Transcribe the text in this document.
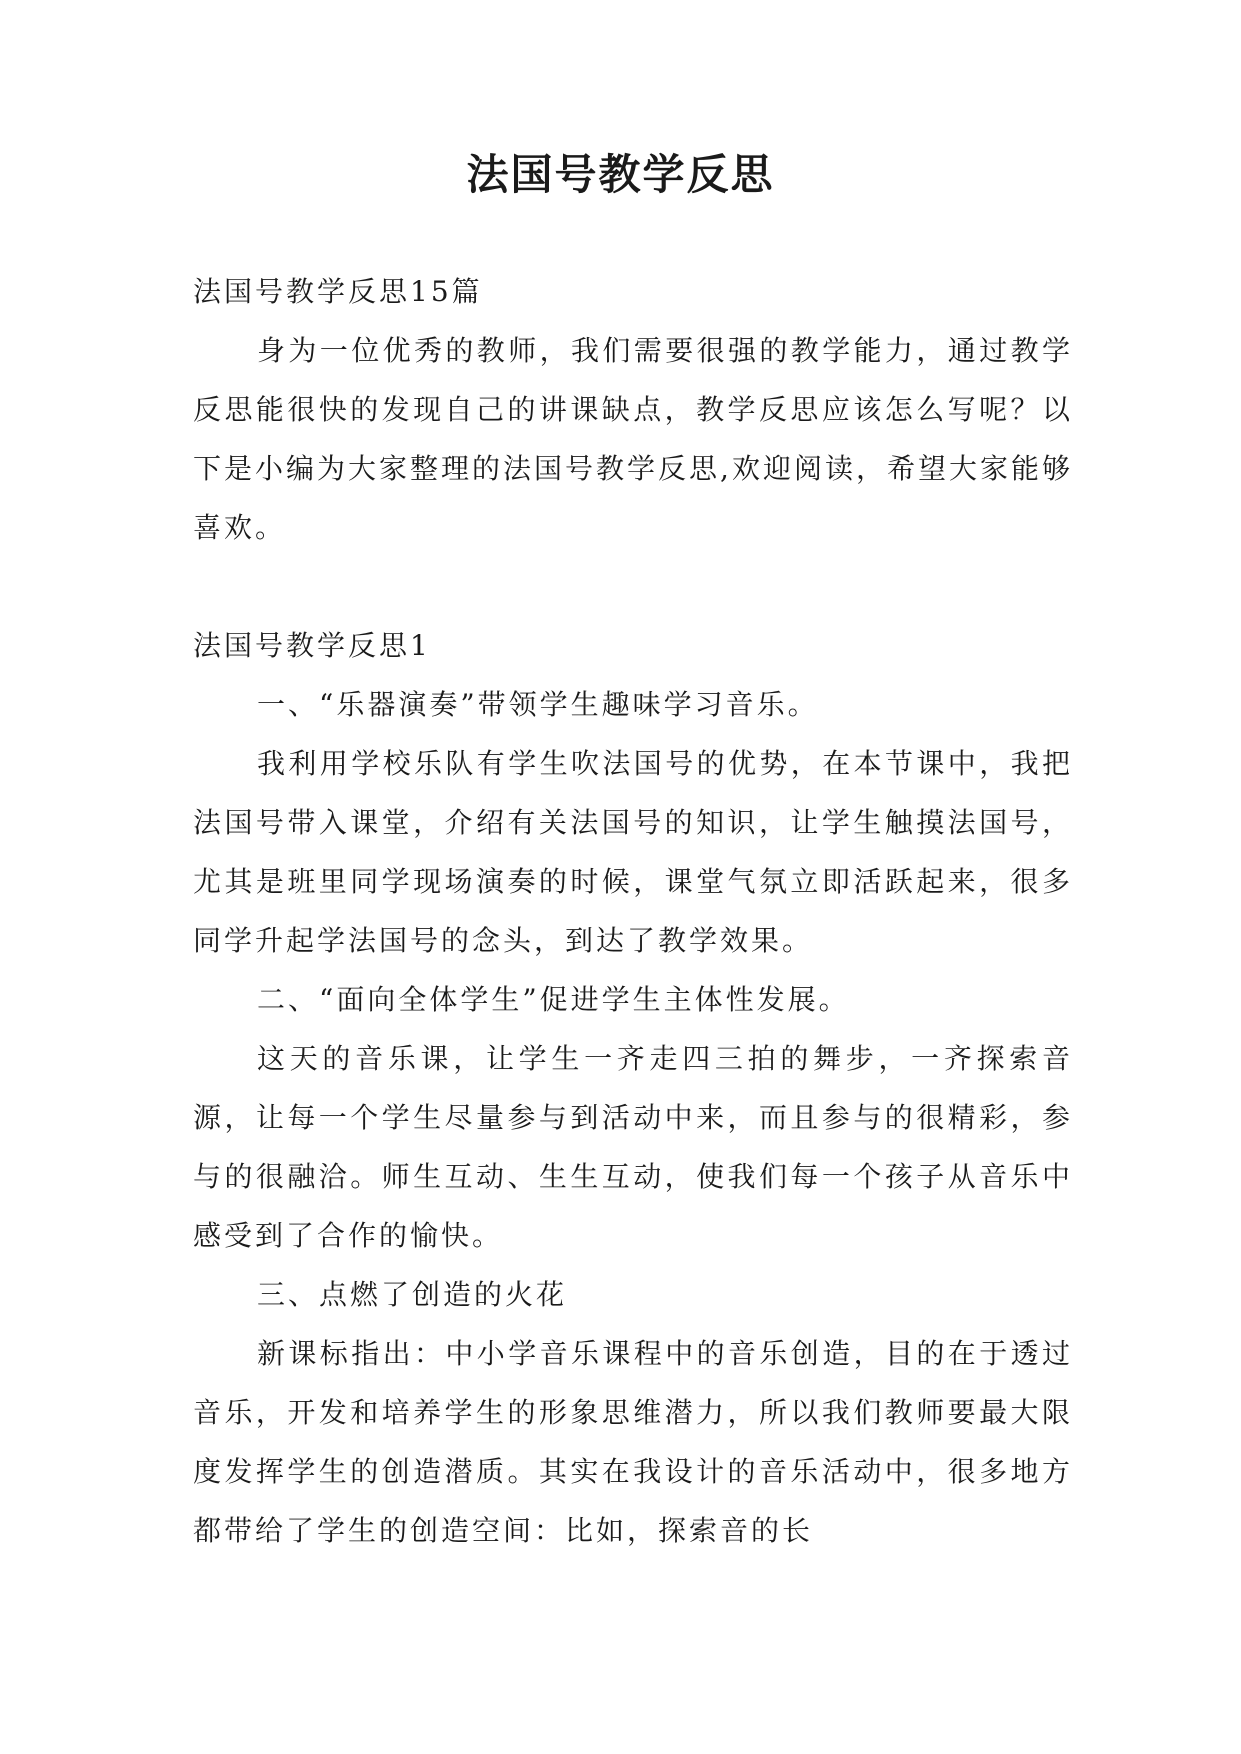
法国号教学反思

法国号教学反思15篇

身为一位优秀的教师，我们需要很强的教学能力，通过教学反思能很快的发现自己的讲课缺点，教学反思应该怎么写呢？以下是小编为大家整理的法国号教学反思,欢迎阅读，希望大家能够喜欢。

法国号教学反思1

一、“乐器演奏”带领学生趣味学习音乐。

我利用学校乐队有学生吹法国号的优势，在本节课中，我把法国号带入课堂，介绍有关法国号的知识，让学生触摸法国号，尤其是班里同学现场演奏的时候，课堂气氛立即活跃起来，很多同学升起学法国号的念头，到达了教学效果。

二、“面向全体学生”促进学生主体性发展。

这天的音乐课，让学生一齐走四三拍的舞步，一齐探索音源，让每一个学生尽量参与到活动中来，而且参与的很精彩，参与的很融洽。师生互动、生生互动，使我们每一个孩子从音乐中感受到了合作的愉快。

三、点燃了创造的火花

新课标指出：中小学音乐课程中的音乐创造，目的在于透过音乐，开发和培养学生的形象思维潜力，所以我们教师要最大限度发挥学生的创造潜质。其实在我设计的音乐活动中，很多地方都带给了学生的创造空间：比如，探索音的长
